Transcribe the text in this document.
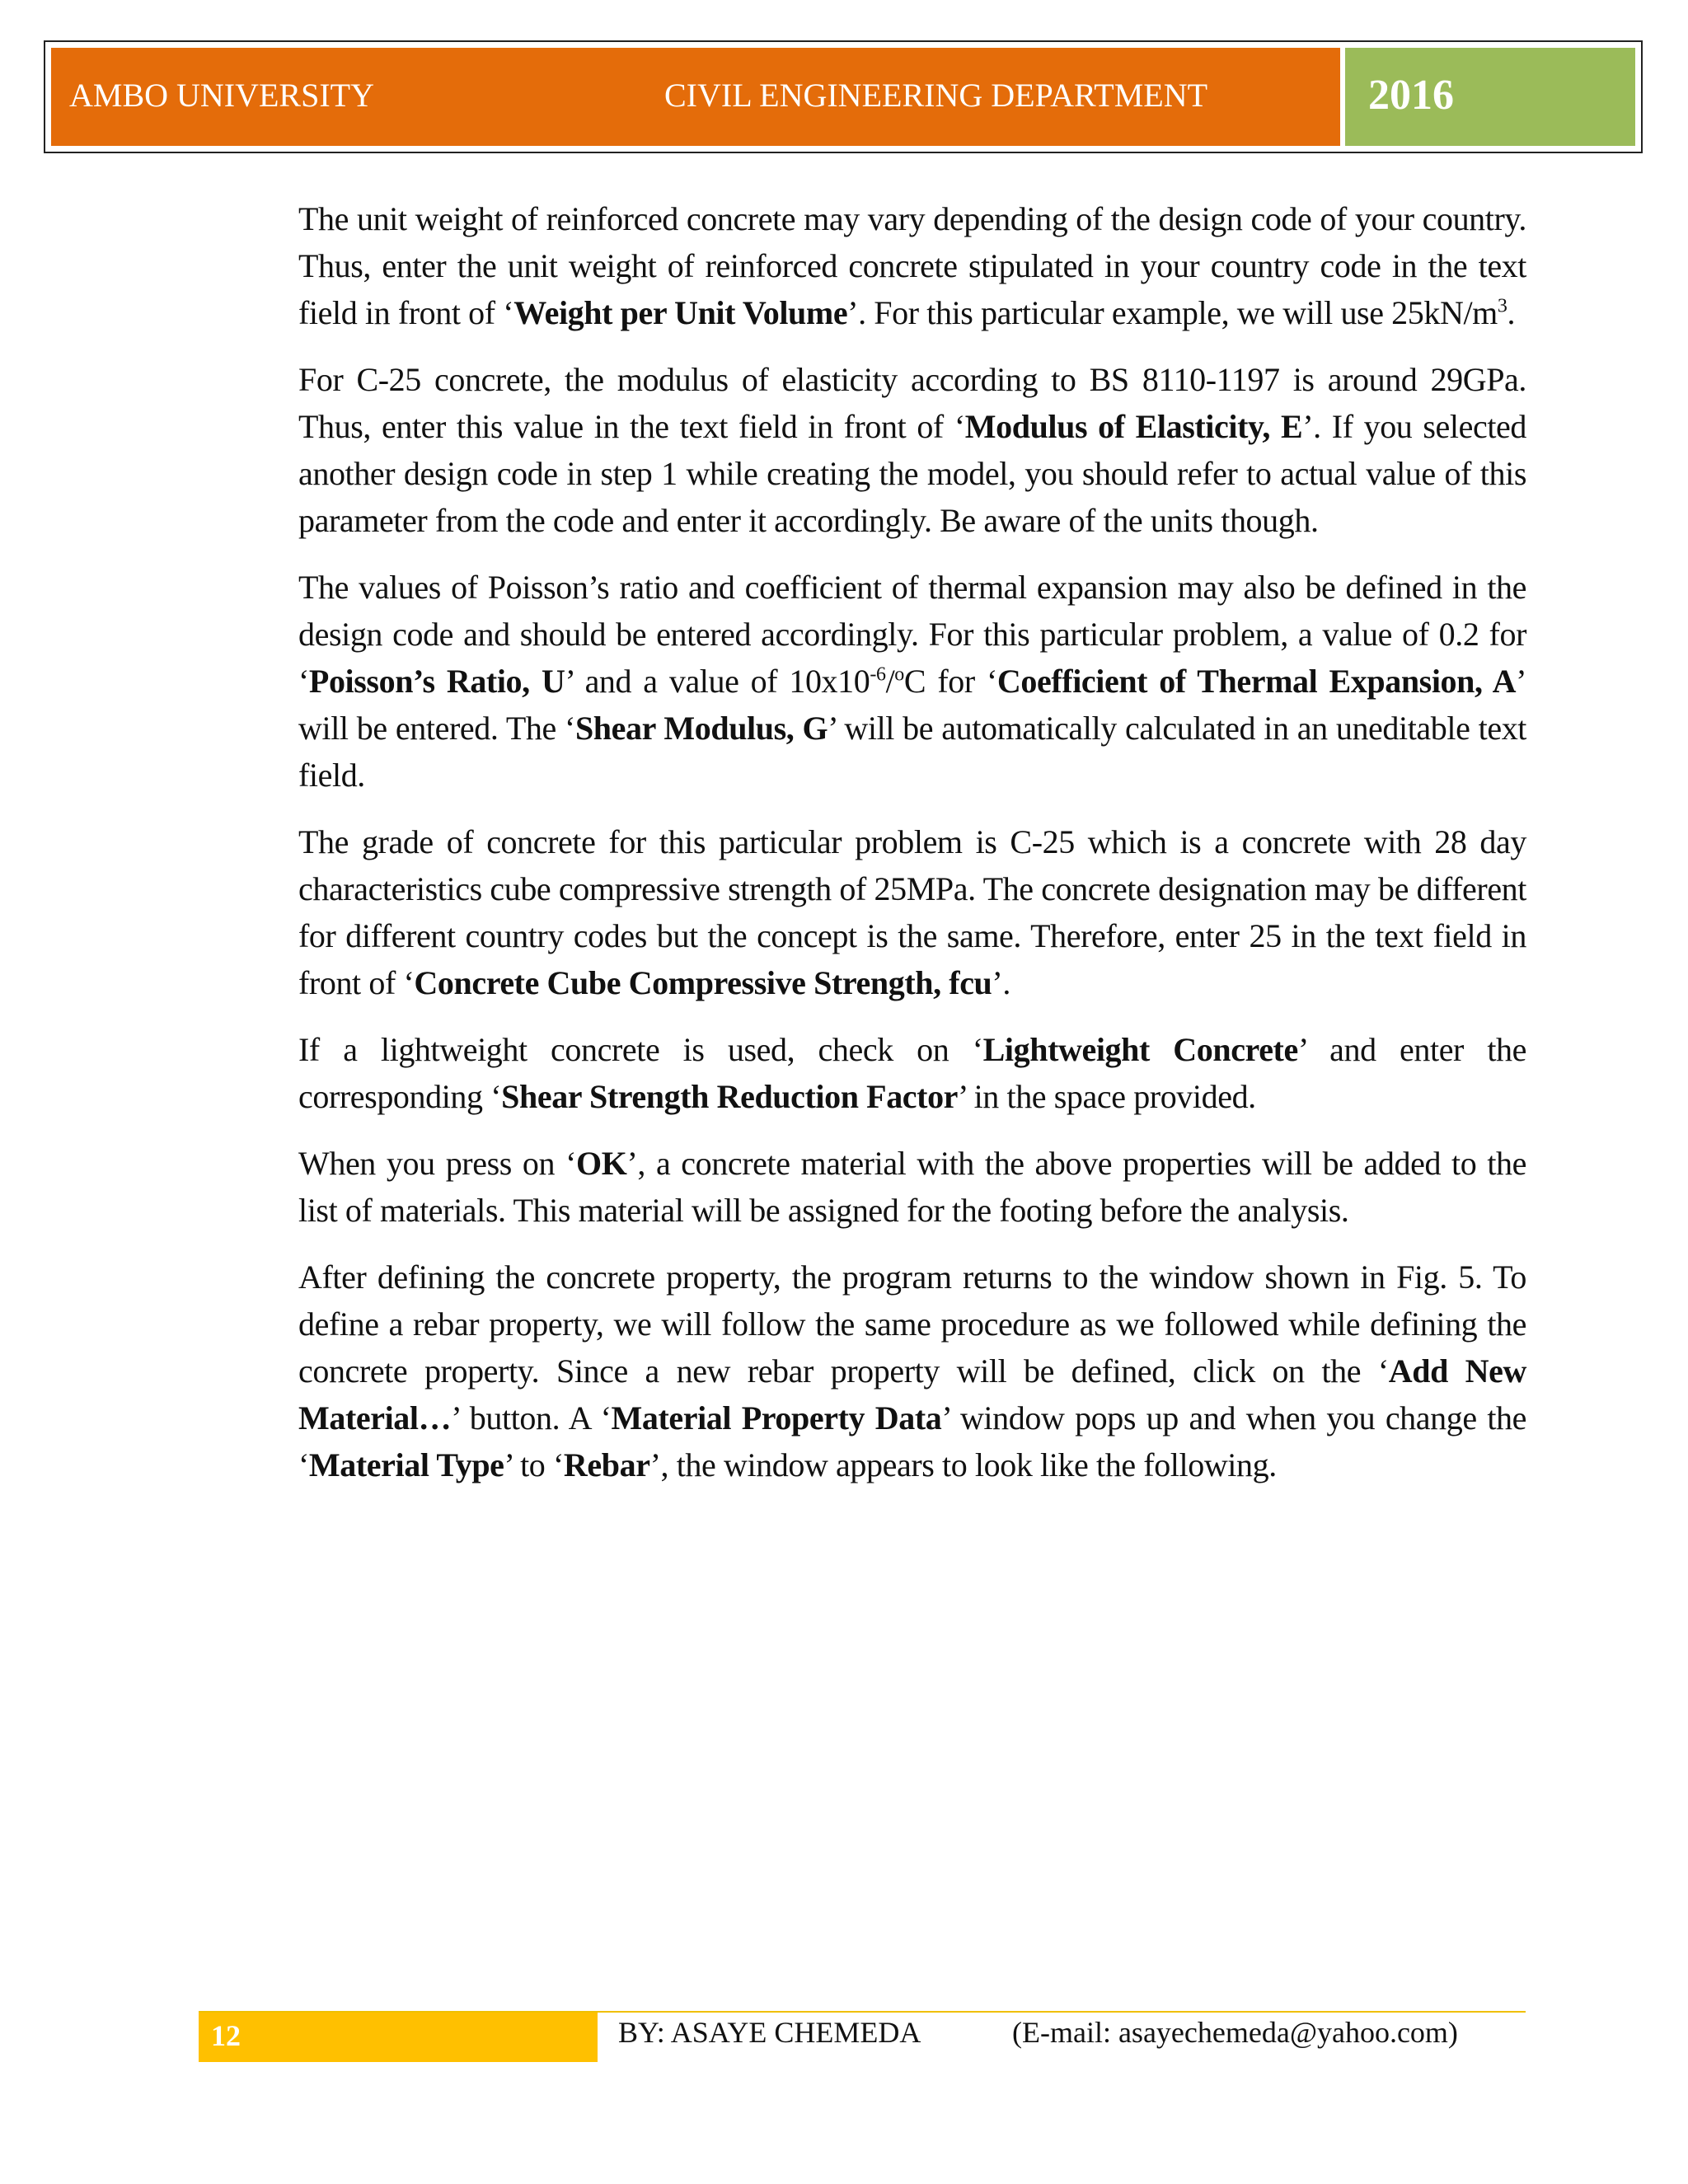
AMBO UNIVERSITY	CIVIL ENGINEERING DEPARTMENT	2016

The unit weight of reinforced concrete may vary depending of the design code of your country. Thus, enter the unit weight of reinforced concrete stipulated in your country code in the text field in front of ‘Weight per Unit Volume’. For this particular example, we will use $25kN/m^3$.

For C-25 concrete, the modulus of elasticity according to BS 8110-1197 is around 29GPa. Thus, enter this value in the text field in front of ‘Modulus of Elasticity, E’. If you selected another design code in step 1 while creating the model, you should refer to actual value of this parameter from the code and enter it accordingly. Be aware of the units though.

The values of Poisson’s ratio and coefficient of thermal expansion may also be defined in the design code and should be entered accordingly. For this particular problem, a value of 0.2 for ‘Poisson’s Ratio, U’ and a value of $10x10^{-6}/^oC$ for ‘Coefficient of Thermal Expansion, A’ will be entered. The ‘Shear Modulus, G’ will be automatically calculated in an uneditable text field.

The grade of concrete for this particular problem is C-25 which is a concrete with 28 day characteristics cube compressive strength of 25MPa. The concrete designation may be different for different country codes but the concept is the same. Therefore, enter 25 in the text field in front of ‘Concrete Cube Compressive Strength, fcu’.

If a lightweight concrete is used, check on ‘Lightweight Concrete’ and enter the corresponding ‘Shear Strength Reduction Factor’ in the space provided.

When you press on ‘OK’, a concrete material with the above properties will be added to the list of materials. This material will be assigned for the footing before the analysis.

After defining the concrete property, the program returns to the window shown in Fig. 5. To define a rebar property, we will follow the same procedure as we followed while defining the concrete property. Since a new rebar property will be defined, click on the ‘Add New Material…’ button. A ‘Material Property Data’ window pops up and when you change the ‘Material Type’ to ‘Rebar’, the window appears to look like the following.

12	BY: ASAYE CHEMEDA	(E-mail: asayechemeda@yahoo.com)
